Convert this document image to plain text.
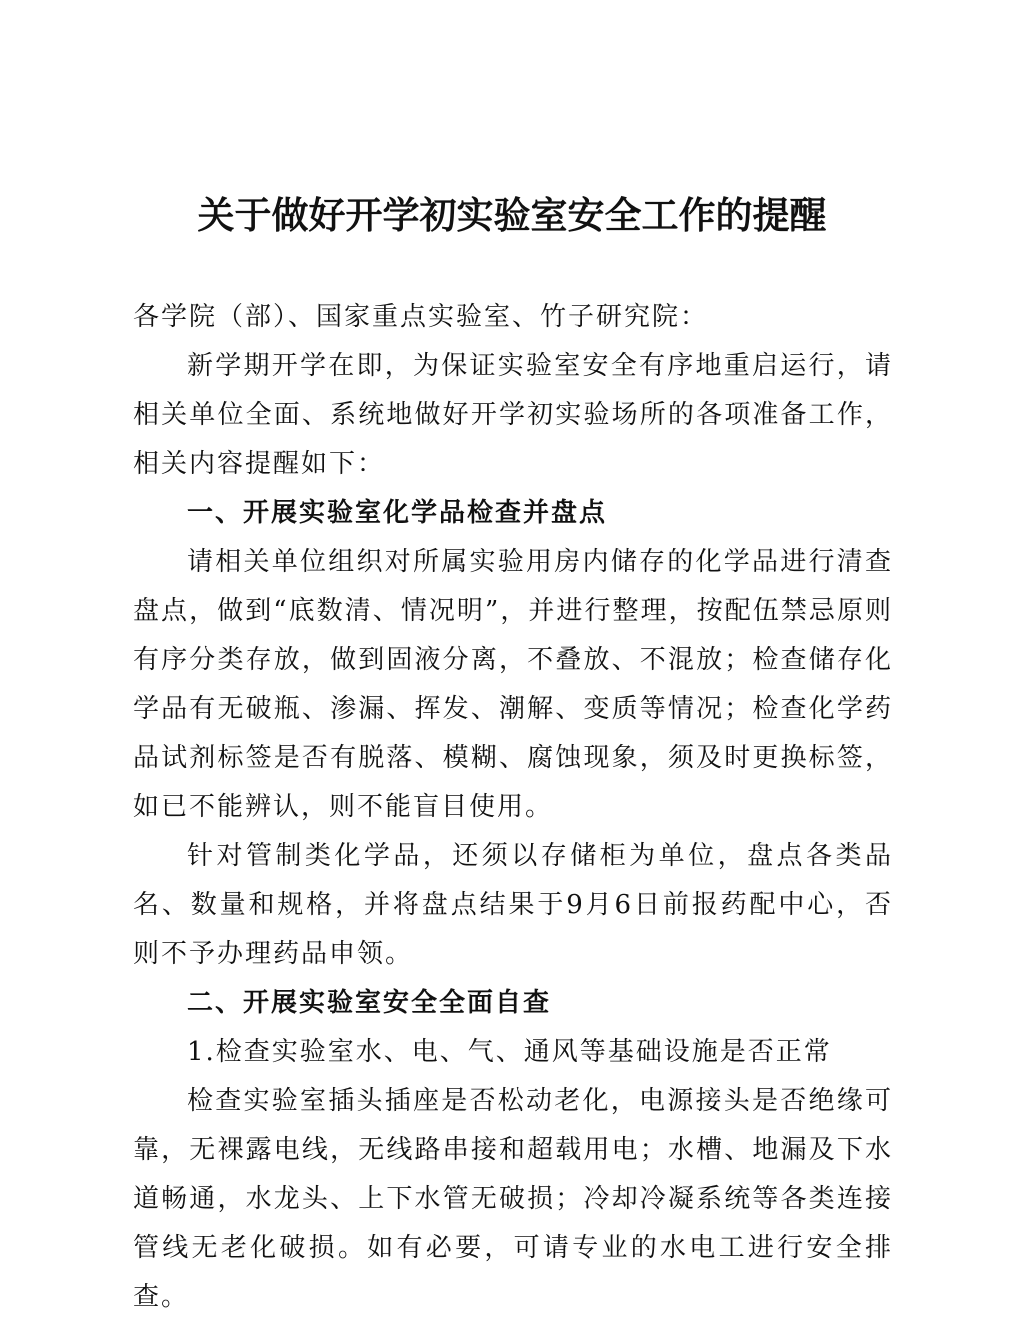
关于做好开学初实验室安全工作的提醒

各学院（部）、国家重点实验室、竹子研究院：

新学期开学在即，为保证实验室安全有序地重启运行，请相关单位全面、系统地做好开学初实验场所的各项准备工作，相关内容提醒如下：

一、开展实验室化学品检查并盘点

请相关单位组织对所属实验用房内储存的化学品进行清查盘点，做到“底数清、情况明”，并进行整理，按配伍禁忌原则有序分类存放，做到固液分离，不叠放、不混放；检查储存化学品有无破瓶、渗漏、挥发、潮解、变质等情况；检查化学药品试剂标签是否有脱落、模糊、腐蚀现象，须及时更换标签，如已不能辨认，则不能盲目使用。

针对管制类化学品，还须以存储柜为单位，盘点各类品名、数量和规格，并将盘点结果于9月6日前报药配中心，否则不予办理药品申领。

二、开展实验室安全全面自查

1.检查实验室水、电、气、通风等基础设施是否正常

检查实验室插头插座是否松动老化，电源接头是否绝缘可靠，无裸露电线，无线路串接和超载用电；水槽、地漏及下水道畅通，水龙头、上下水管无破损；冷却冷凝系统等各类连接管线无老化破损。如有必要，可请专业的水电工进行安全排查。
